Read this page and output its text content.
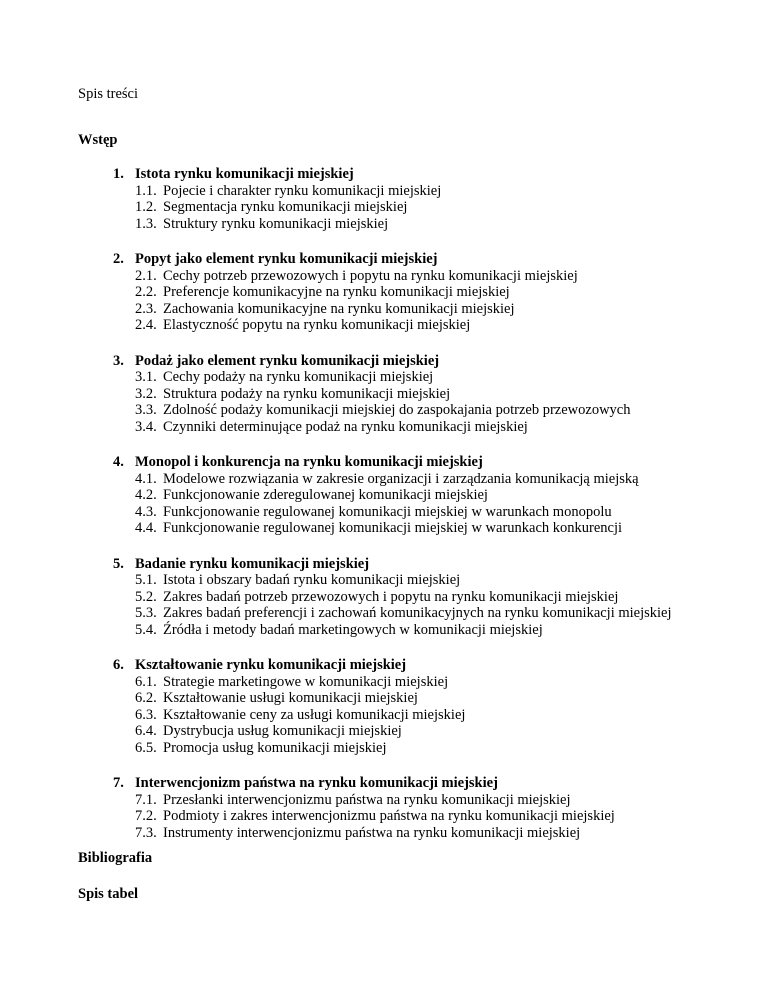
Spis treści
Wstęp
1. Istota rynku komunikacji miejskiej
1.1. Pojecie i charakter rynku komunikacji miejskiej
1.2. Segmentacja rynku komunikacji miejskiej
1.3. Struktury rynku komunikacji miejskiej
2. Popyt jako element rynku komunikacji miejskiej
2.1. Cechy potrzeb przewozowych i popytu na rynku komunikacji miejskiej
2.2. Preferencje komunikacyjne na rynku komunikacji miejskiej
2.3. Zachowania komunikacyjne na rynku komunikacji miejskiej
2.4. Elastyczność popytu na rynku komunikacji miejskiej
3. Podaż jako element rynku komunikacji miejskiej
3.1. Cechy podaży na rynku komunikacji miejskiej
3.2. Struktura podaży na rynku komunikacji miejskiej
3.3. Zdolność podaży komunikacji miejskiej do zaspokajania potrzeb przewozowych
3.4. Czynniki determinujące podaż na rynku komunikacji miejskiej
4. Monopol i konkurencja na rynku komunikacji miejskiej
4.1. Modelowe rozwiązania w zakresie organizacji i zarządzania komunikacją miejską
4.2. Funkcjonowanie zderegulowanej komunikacji miejskiej
4.3. Funkcjonowanie regulowanej komunikacji miejskiej w warunkach monopolu
4.4. Funkcjonowanie regulowanej komunikacji miejskiej w warunkach konkurencji
5. Badanie rynku komunikacji miejskiej
5.1. Istota i obszary badań rynku komunikacji miejskiej
5.2. Zakres badań potrzeb przewozowych i popytu na rynku komunikacji miejskiej
5.3. Zakres badań preferencji i zachowań komunikacyjnych na rynku komunikacji miejskiej
5.4. Źródła i metody badań marketingowych w komunikacji miejskiej
6. Kształtowanie rynku komunikacji miejskiej
6.1. Strategie marketingowe w komunikacji miejskiej
6.2. Kształtowanie usługi komunikacji miejskiej
6.3. Kształtowanie ceny za usługi komunikacji miejskiej
6.4. Dystrybucja usług komunikacji miejskiej
6.5. Promocja usług komunikacji miejskiej
7. Interwencjonizm państwa na rynku komunikacji miejskiej
7.1. Przesłanki interwencjonizmu państwa na rynku komunikacji miejskiej
7.2. Podmioty i zakres interwencjonizmu państwa na rynku komunikacji miejskiej
7.3. Instrumenty interwencjonizmu państwa na rynku komunikacji miejskiej
Bibliografia
Spis tabel
